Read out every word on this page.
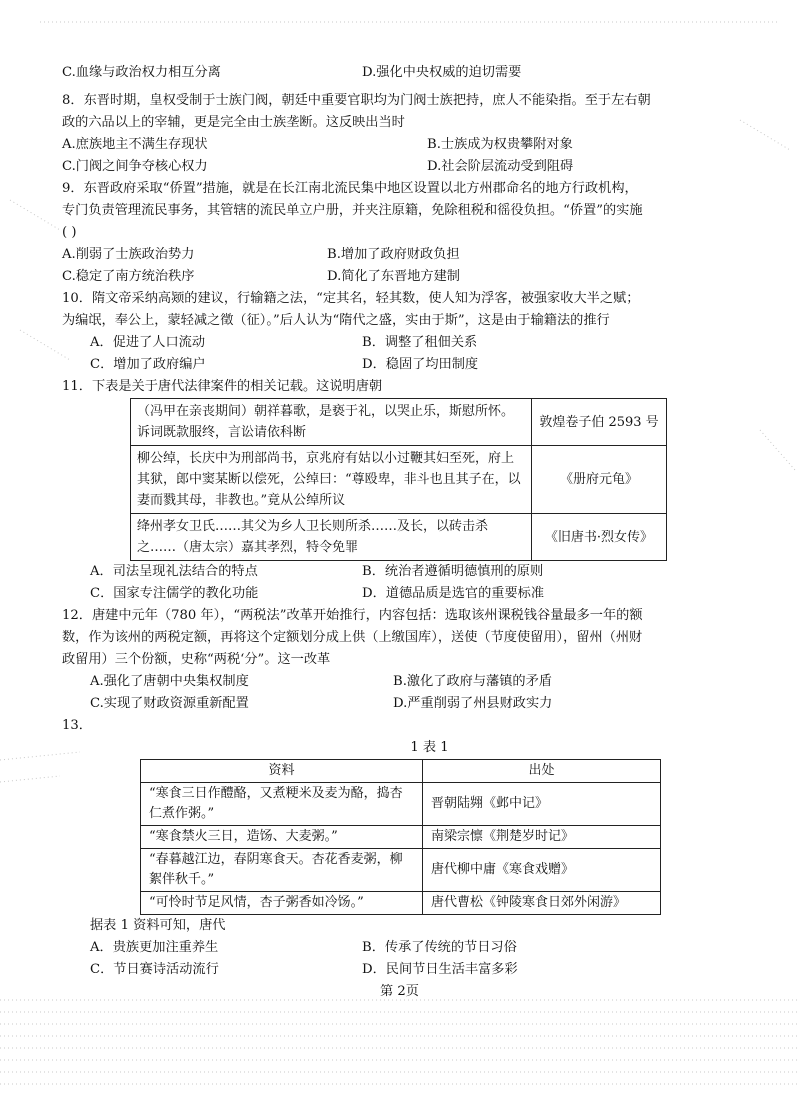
C.血缘与政治权力相互分离	D.强化中央权威的迫切需要
8．东晋时期，皇权受制于士族门阀，朝廷中重要官职均为门阀士族把持，庶人不能染指。至于左右朝
政的六品以上的宰辅，更是完全由士族垄断。这反映出当时
A.庶族地主不满生存现状	B.士族成为权贵攀附对象
C.门阀之间争夺核心权力	D.社会阶层流动受到阻碍
9．东晋政府采取“侨置”措施，就是在长江南北流民集中地区设置以北方州郡命名的地方行政机构，
专门负责管理流民事务，其管辖的流民单立户册，并夹注原籍，免除租税和徭役负担。“侨置”的实施
( )
A.削弱了士族政治势力	B.增加了政府财政负担
C.稳定了南方统治秩序	D.简化了东晋地方建制
10．隋文帝采纳高颎的建议，行输籍之法，“定其名，轻其数，使人知为浮客，被强家收大半之赋；
为编氓，奉公上，蒙轻减之徵（征）。”后人认为“隋代之盛，实由于斯”，这是由于输籍法的推行
A．促进了人口流动	B．调整了租佃关系
C．增加了政府编户	D．稳固了均田制度
11．下表是关于唐代法律案件的相关记载。这说明唐朝
（冯甲在亲丧期间）朝祥暮歌，是亵于礼，以哭止乐，斯慰所怀。诉词既款服终，言讼请依科断	敦煌卷子伯 2593 号
柳公绰，长庆中为刑部尚书，京兆府有姑以小过鞭其妇至死，府上其狱，郎中窦某断以偿死，公绰曰：“尊殴卑，非斗也且其子在，以妻而戮其母，非教也。”竟从公绰所议	《册府元龟》
绛州孝女卫氏……其父为乡人卫长则所杀……及长，以砖击杀之……（唐太宗）嘉其孝烈，特令免罪	《旧唐书·烈女传》
A．司法呈现礼法结合的特点	B．统治者遵循明德慎刑的原则
C．国家专注儒学的教化功能	D．道德品质是选官的重要标准
12．唐建中元年（780 年），“两税法”改革开始推行，内容包括：选取该州课税钱谷量最多一年的额
数，作为该州的两税定额，再将这个定额划分成上供（上缴国库），送使（节度使留用），留州（州财
政留用）三个份额，史称“两税‘分”。这一改革
A.强化了唐朝中央集权制度	B.激化了政府与藩镇的矛盾
C.实现了财政资源重新配置	D.严重削弱了州县财政实力
13．
1 表 1
资料	出处
“寒食三日作醴酪，又煮粳米及麦为酪，捣杏仁煮作粥。”	晋朝陆翙《邺中记》
“寒食禁火三日，造饧、大麦粥。”	南梁宗懔《荆楚岁时记》
“春暮越江边，春阴寒食天。杏花香麦粥，柳絮伴秋千。”	唐代柳中庸《寒食戏赠》
“可怜时节足风情，杏子粥香如冷饧。”	唐代曹松《钟陵寒食日郊外闲游》
据表 1 资料可知，唐代
A．贵族更加注重养生	B．传承了传统的节日习俗
C．节日赛诗活动流行	D．民间节日生活丰富多彩
第 2页
